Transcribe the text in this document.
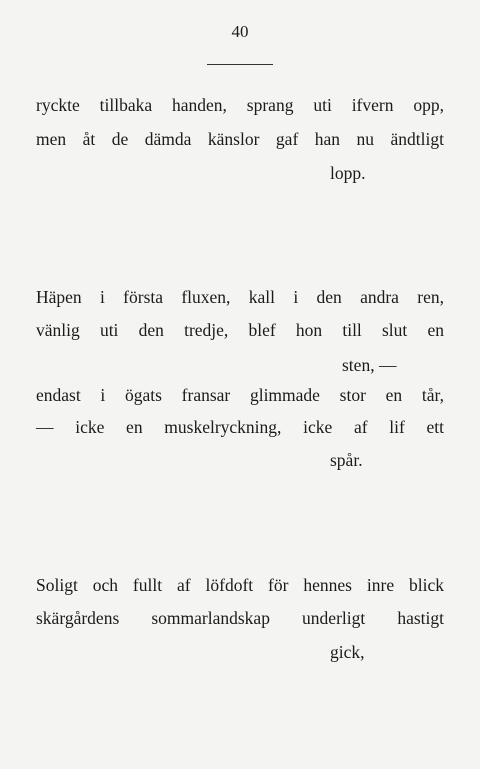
40
ryckte tillbaka handen, sprang uti ifvern opp,
men åt de dämda känslor gaf han nu ändtligt
lopp.
Häpen i första fluxen, kall i den andra ren,
vänlig uti den tredje, blef hon till slut en
sten, —
endast i ögats fransar glimmade stor en tår,
— icke en muskelryckning, icke af lif ett
spår.
Soligt och fullt af löfdoft för hennes inre blick
skärgårdens sommarlandskap underligt hastigt
gick,
